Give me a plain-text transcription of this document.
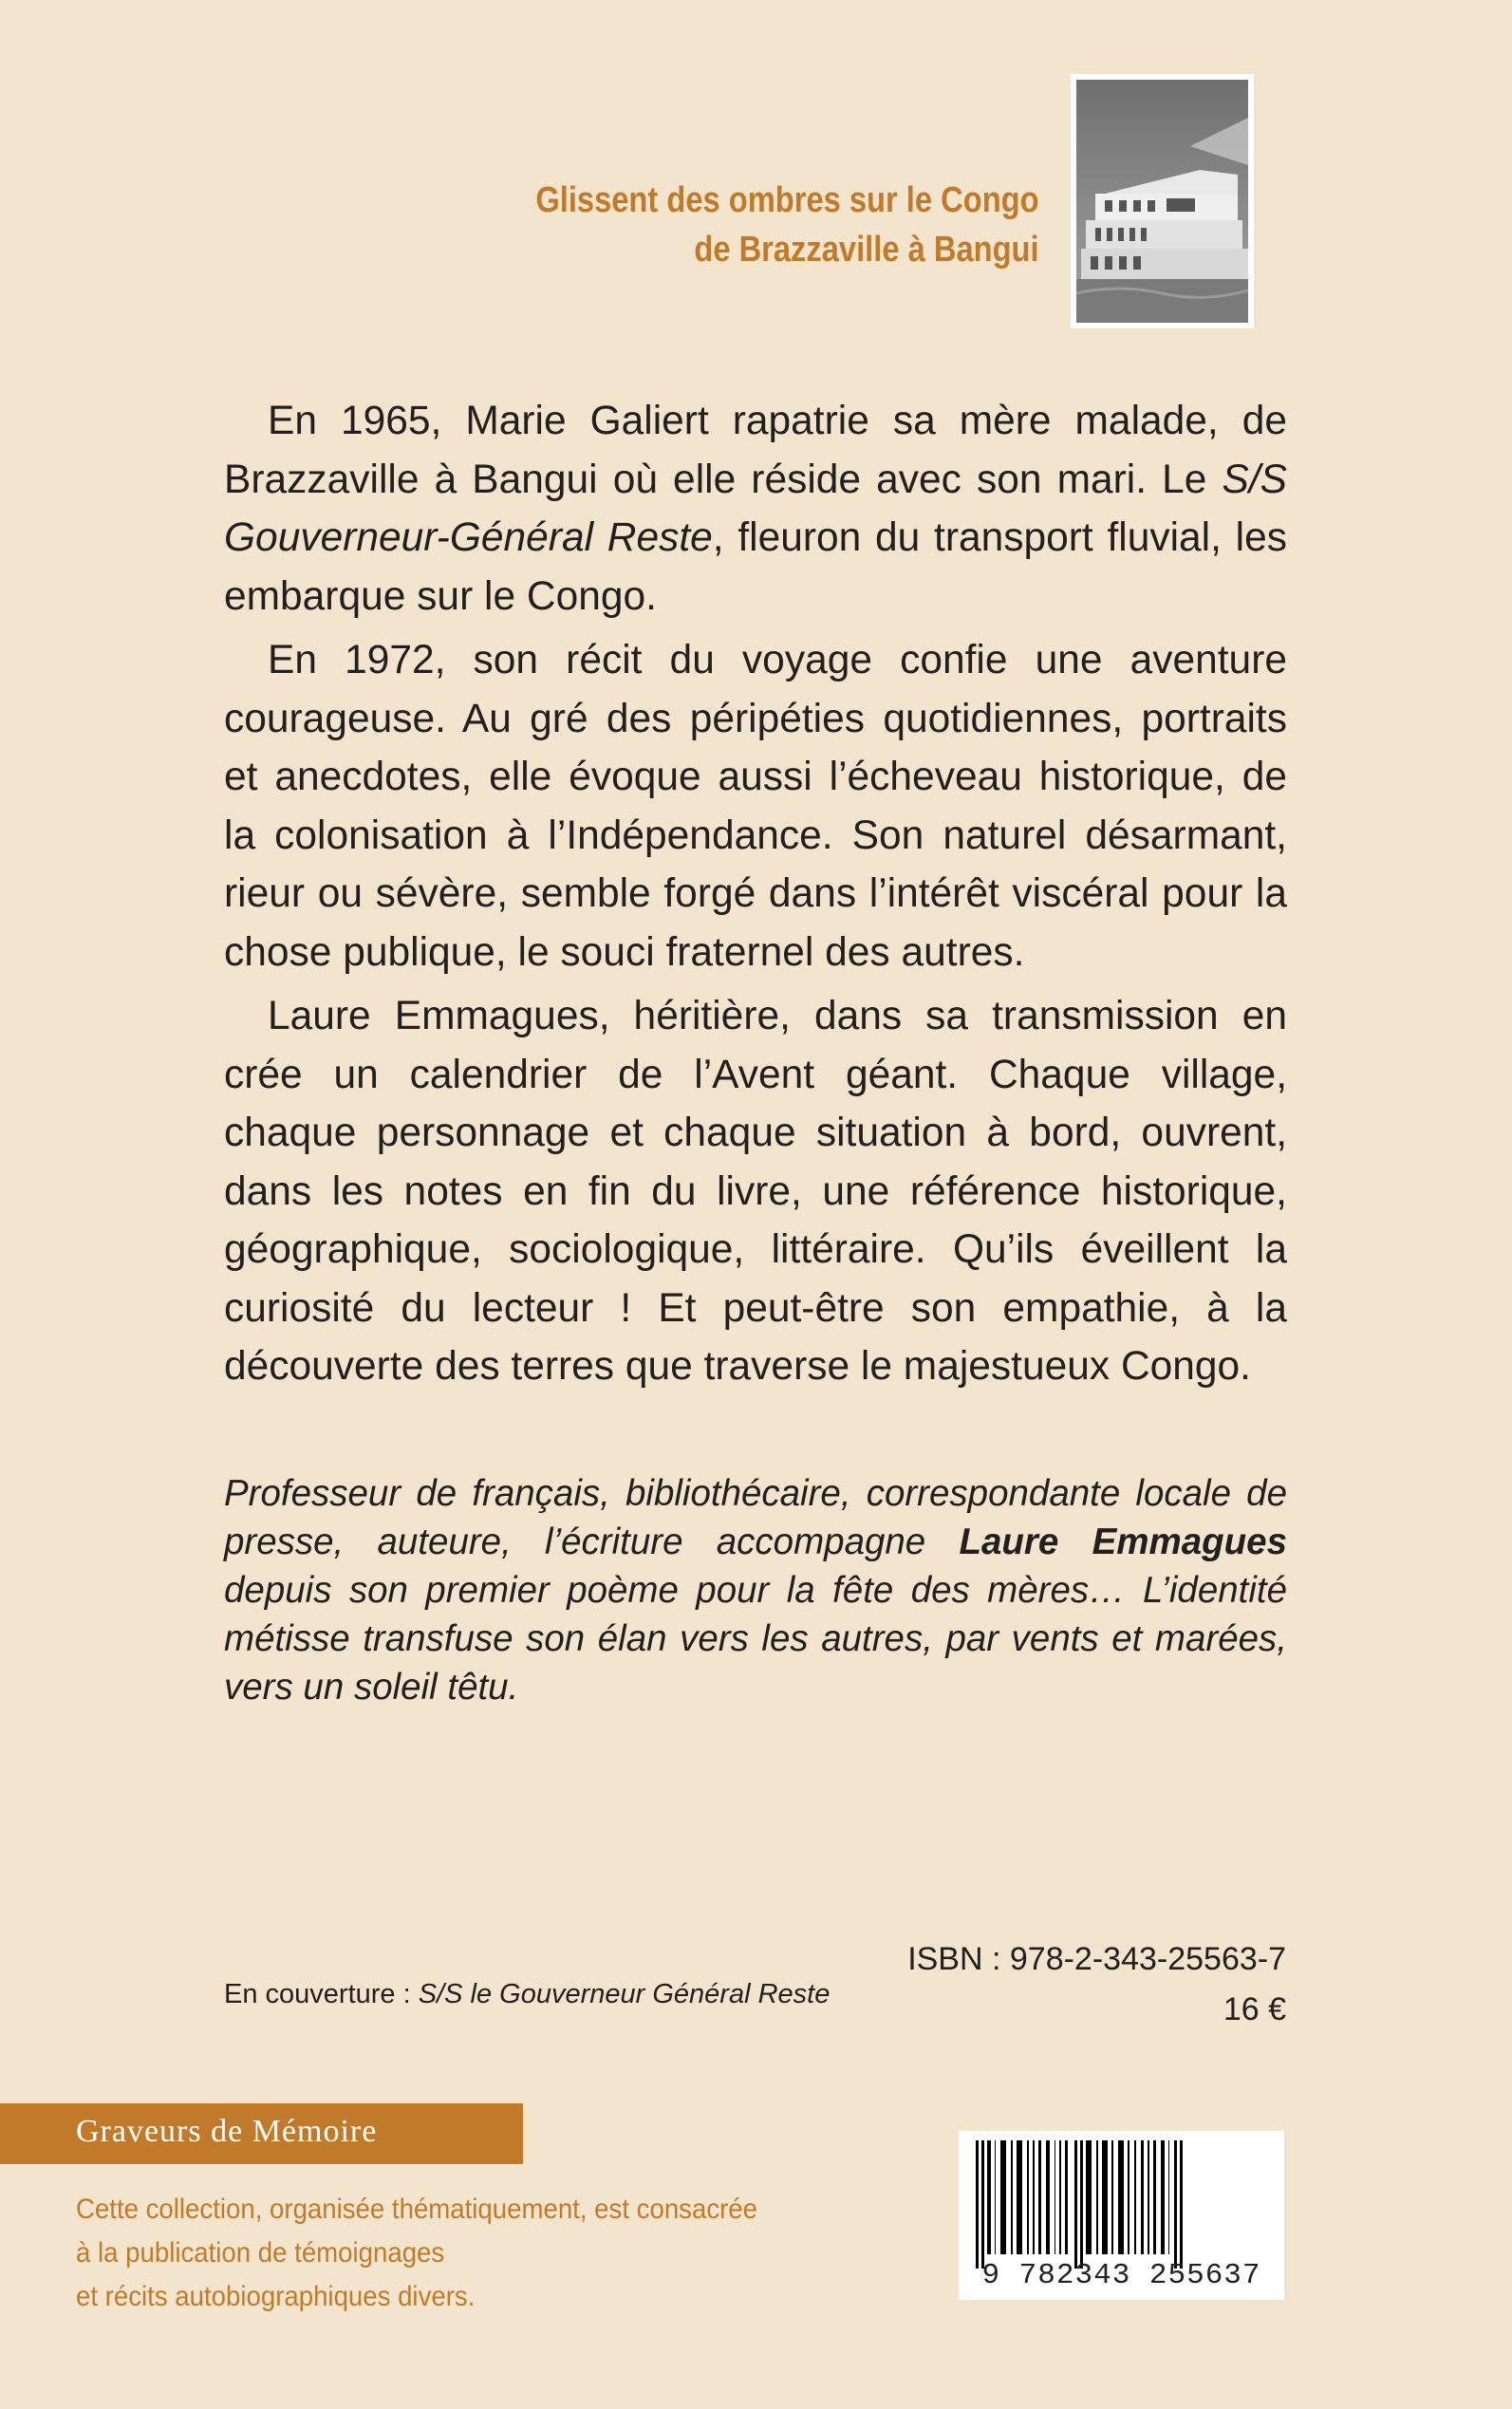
Glissent des ombres sur le Congo
de Brazzaville à Bangui

En 1965, Marie Galiert rapatrie sa mère malade, de Brazzaville à Bangui où elle réside avec son mari. Le S/S Gouverneur-Général Reste, fleuron du transport fluvial, les embarque sur le Congo.

En 1972, son récit du voyage confie une aventure courageuse. Au gré des péripéties quotidiennes, portraits et anecdotes, elle évoque aussi l’écheveau historique, de la colonisation à l’Indépendance. Son naturel désarmant, rieur ou sévère, semble forgé dans l’intérêt viscéral pour la chose publique, le souci fraternel des autres.

Laure Emmagues, héritière, dans sa transmission en crée un calendrier de l’Avent géant. Chaque village, chaque personnage et chaque situation à bord, ouvrent, dans les notes en fin du livre, une référence historique, géographique, sociologique, littéraire. Qu’ils éveillent la curiosité du lecteur ! Et peut-être son empathie, à la découverte des terres que traverse le majestueux Congo.

Professeur de français, bibliothécaire, correspondante locale de presse, auteure, l’écriture accompagne Laure Emmagues depuis son premier poème pour la fête des mères… L’identité métisse transfuse son élan vers les autres, par vents et marées, vers un soleil têtu.
ISBN : 978-2-343-25563-7
16 €
En couverture : S/S le Gouverneur Général Reste
Graveurs de Mémoire
Cette collection, organisée thématiquement, est consacrée
à la publication de témoignages
et récits autobiographiques divers.
9 782343 255637
